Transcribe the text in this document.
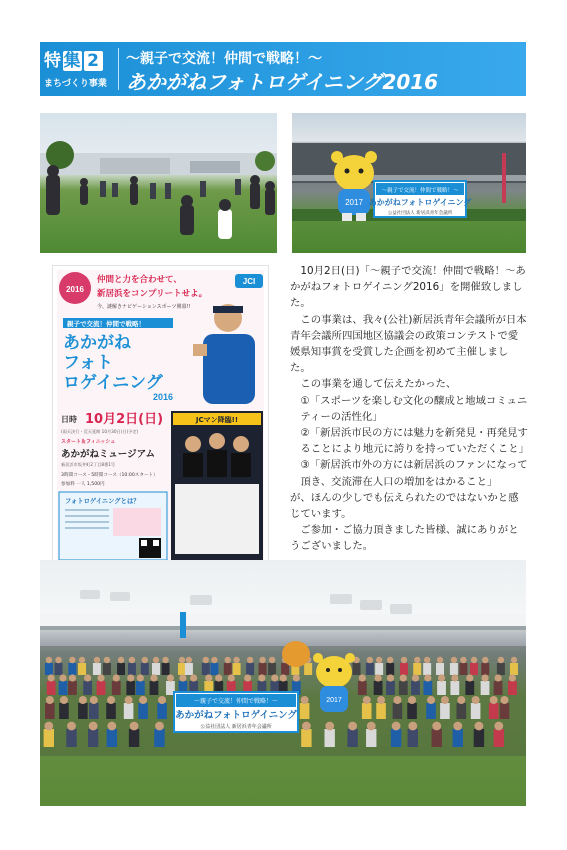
特集 2
まちづくり事業
～親子で交流！仲間で戦略！～
あかがねフォトロゲイニング2016
2017
～親子で交流！仲間で戦略！～
あかがねフォトロゲイニング
公益社団法人 新居浜青年会議所
2016
仲間と力を合わせて、
新居浜をコンプリートせよ。
今、謎解きナビゲーションスポーツ開幕!!
JCI
親子で交流！仲間で戦略！
あかがね
フォト
ロゲイニング
2016
日時 10月2日(日)
(雨天決行・荒天延期 10月30日(日)予定)
スタート＆フィニッシュ
あかがねミュージアム
新居浜市坂井町2丁目8番1号
3時間コース・5時間コース（10:00スタート）
参加料 一人 1,500円
JCマン降臨!!
フォトロゲイニングとは？

10月2日(日)「～親子で交流！仲間で戦略！～あかがねフォトロゲイニング2016」を開催致しました。

この事業は、我々(公社)新居浜青年会議所が日本青年会議所四国地区協議会の政策コンテストで愛媛県知事賞を受賞した企画を初めて主催しました。

この事業を通して伝えたかった、

①「スポーツを楽しむ文化の醸成と地域コミュニティーの活性化」

②「新居浜市民の方には魅力を新発見・再発見することにより地元に誇りを持っていただくこと」

③「新居浜市外の方には新居浜のファンになって頂き、交流滞在人口の増加をはかること」

が、ほんの少しでも伝えられたのではないかと感じています。

ご参加・ご協力頂きました皆様、誠にありがとうございました。

～親子で交流！仲間で戦略！～
あかがねフォトロゲイニング
公益社団法人 新居浜青年会議所
2017
